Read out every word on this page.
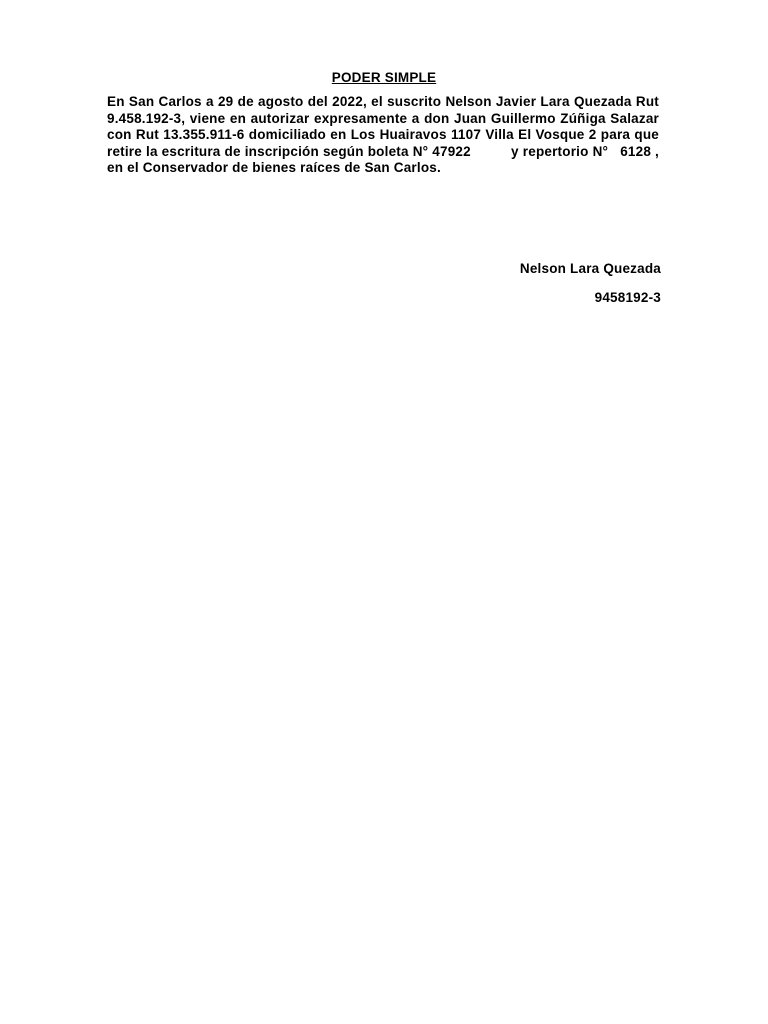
PODER SIMPLE
En San Carlos a 29 de agosto del 2022, el suscrito Nelson Javier Lara Quezada Rut 9.458.192-3, viene en autorizar expresamente a don Juan Guillermo Zúñiga Salazar con Rut 13.355.911-6 domiciliado en Los Huairavos 1107 Villa El Vosque 2 para que retire la escritura de inscripción según boleta N° 47922          y repertorio N°   6128 , en el Conservador de bienes raíces de San Carlos.
Nelson Lara Quezada
9458192-3
